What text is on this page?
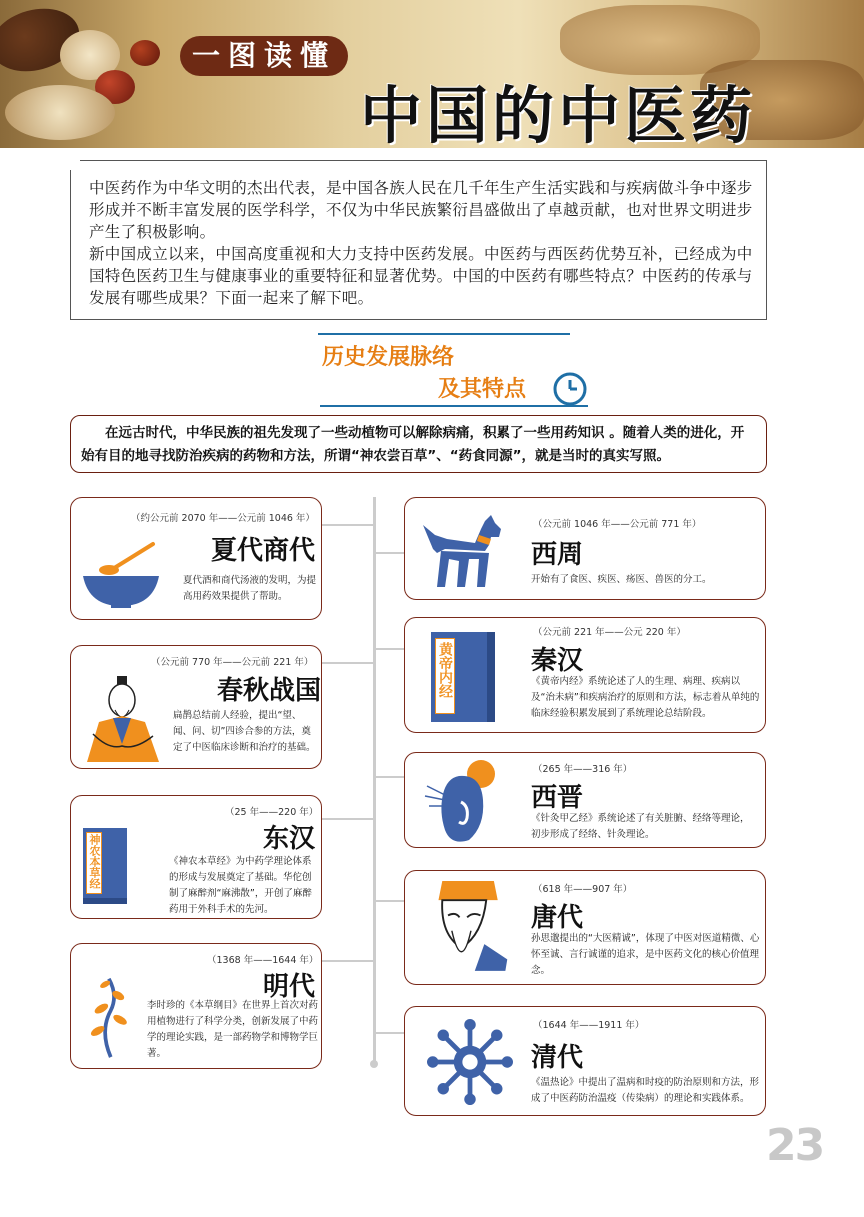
一图读懂
中国的中医药

中医药作为中华文明的杰出代表，是中国各族人民在几千年生产生活实践和与疾病做斗争中逐步形成并不断丰富发展的医学科学，不仅为中华民族繁衍昌盛做出了卓越贡献，也对世界文明进步产生了积极影响。

新中国成立以来，中国高度重视和大力支持中医药发展。中医药与西医药优势互补，已经成为中国特色医药卫生与健康事业的重要特征和显著优势。中国的中医药有哪些特点？中医药的传承与发展有哪些成果？下面一起来了解下吧。

历史发展脉络
及其特点
在远古时代，中华民族的祖先发现了一些动植物可以解除病痛，积累了一些用药知识 。随着人类的进化，开始有目的地寻找防治疾病的药物和方法，所谓“神农尝百草”、“药食同源”，就是当时的真实写照。
（约公元前 2070 年——公元前 1046 年）
夏代商代
夏代酒和商代汤液的发明，为提高用药效果提供了帮助。
（公元前 1046 年——公元前 771 年）
西周
开始有了食医、疾医、疡医、兽医的分工。
（公元前 221 年——公元 220 年）
秦汉
《黄帝内经》系统论述了人的生理、病理、疾病以及“治未病”和疾病治疗的原则和方法，标志着从单纯的临床经验积累发展到了系统理论总结阶段。
黄帝内经
（公元前 770 年——公元前 221 年）
春秋战国
扁鹊总结前人经验，提出“望、闻、问、切”四诊合参的方法，奠定了中医临床诊断和治疗的基础。
（265 年——316 年）
西晋
《针灸甲乙经》系统论述了有关脏腑、经络等理论，初步形成了经络、针灸理论。
（25 年——220 年）
东汉
《神农本草经》为中药学理论体系的形成与发展奠定了基础。华佗创制了麻醉剂“麻沸散”，开创了麻醉药用于外科手术的先河。
神农本草经
（618 年——907 年）
唐代
孙思邈提出的“大医精诚”，体现了中医对医道精微、心怀至诚、言行诚谨的追求，是中医药文化的核心价值理念。
（1368 年——1644 年）
明代
李时珍的《本草纲目》在世界上首次对药用植物进行了科学分类，创新发展了中药学的理论实践，是一部药物学和博物学巨著。
（1644 年——1911 年）
清代
《温热论》中提出了温病和时疫的防治原则和方法，形成了中医药防治温疫（传染病）的理论和实践体系。
23
